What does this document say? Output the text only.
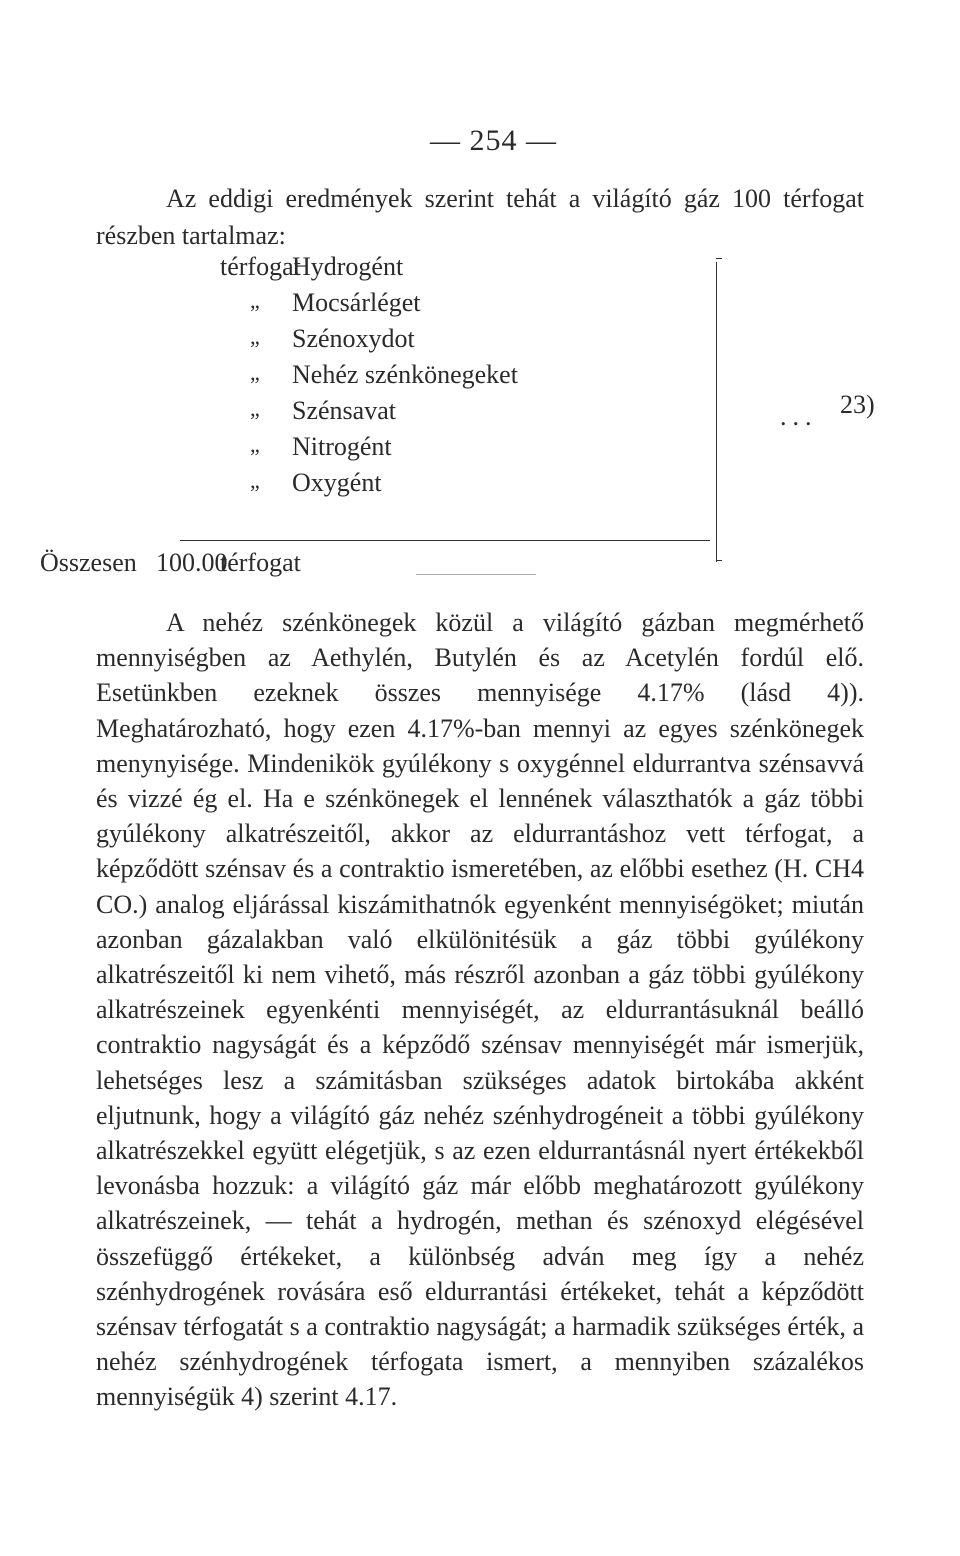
— 254 —

Az eddigi eredmények szerint tehát a világító gáz 100 térfogat részben tartalmaz:

térfogat
Hydrogént
„ Mocsárléget
„ Szénoxydot
„ Nehéz szénkönegeket
„ Szénsavat
„ Nitrogént
„ Oxygént
Összesen 100.00
térfogat
... 23)

A nehéz szénkönegek közül a világító gázban megmérhető mennyiségben az Aethylén, Butylén és az Acetylén fordúl elő. Esetünkben ezeknek összes mennyisége 4.17% (lásd 4)). Meghatározható, hogy ezen 4.17%-ban mennyi az egyes szénkönegek menynyisége. Mindenikök gyúlékony s oxygénnel eldurrantva szénsavvá és vizzé ég el. Ha e szénkönegek el lennének választhatók a gáz többi gyúlékony alkatrészeitől, akkor az eldurrantáshoz vett térfogat, a képződött szénsav és a contraktio ismeretében, az előbbi esethez (H. CH4 CO.) analog eljárással kiszámithatnók egyenként mennyiségöket; miután azonban gázalakban való elkülönitésük a gáz többi gyúlékony alkatrészeitől ki nem vihető, más részről azonban a gáz többi gyúlékony alkatrészeinek egyenkénti mennyiségét, az eldurrantásuknál beálló contraktio nagyságát és a képződő szénsav mennyiségét már ismerjük, lehetséges lesz a számitásban szükséges adatok birtokába akként eljutnunk, hogy a világító gáz nehéz szénhydrogéneit a többi gyúlékony alkatrészekkel együtt elégetjük, s az ezen eldurrantásnál nyert értékekből levonásba hozzuk: a világító gáz már előbb meghatározott gyúlékony alkatrészeinek, — tehát a hydrogén, methan és szénoxyd elégésével összefüggő értékeket, a különbség adván meg így a nehéz szénhydrogének rovására eső eldurrantási értékeket, tehát a képződött szénsav térfogatát s a contraktio nagyságát; a harmadik szükséges érték, a nehéz szénhydrogének térfogata ismert, a mennyiben százalékos mennyiségük 4) szerint 4.17.
